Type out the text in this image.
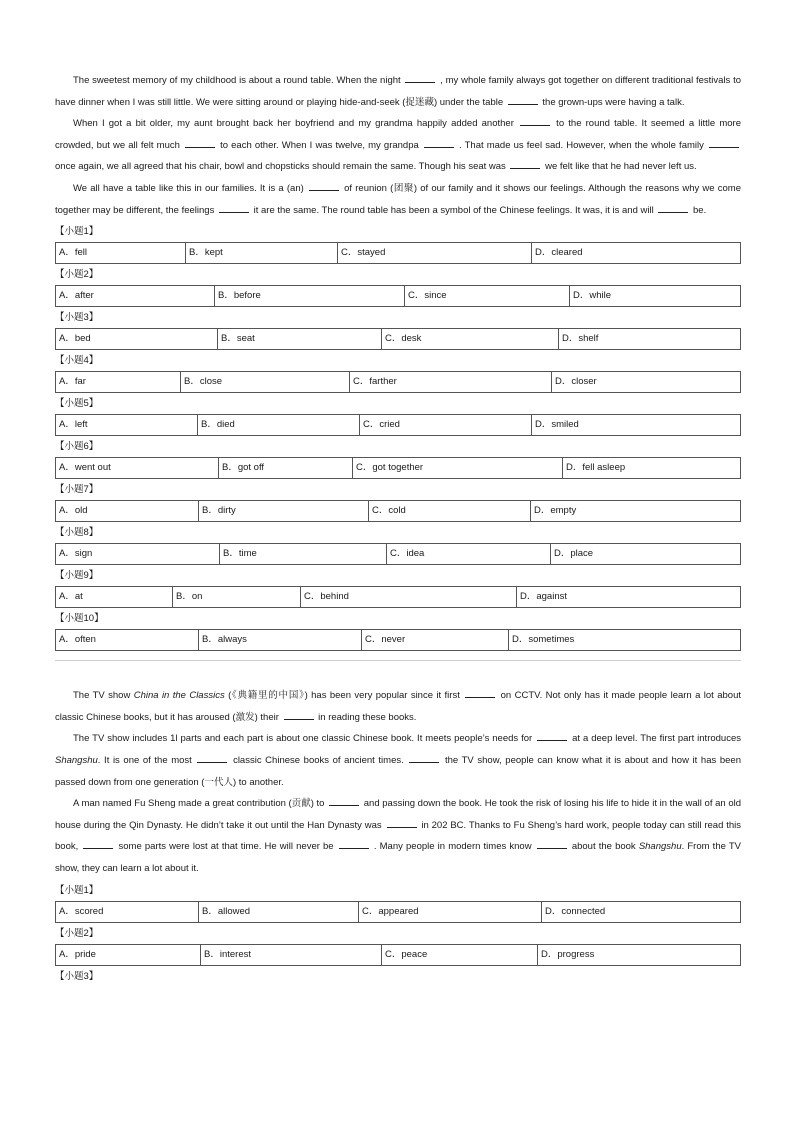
The sweetest memory of my childhood is about a round table. When the night	, my whole family always got together on different traditional festivals to have dinner when I was still little. We were sitting around or playing hide-and-seek (捉迷藏) under the table	the grown-ups were having a talk.

When I got a bit older, my aunt brought back her boyfriend and my grandma happily added another	to the round table. It seemed a little more crowded, but we all felt much	to each other. When I was twelve, my grandpa	. That made us feel sad. However, when the whole family  once again, we all agreed that his chair, bowl and chopsticks should remain the same. Though his seat was	we felt like that he had never left us.

We all have a table like this in our families. It is a (an)	of reunion (团聚) of our family and it shows our feelings. Although the reasons why we come together may be different, the feelings	it are the same. The round table has been a symbol of the Chinese feelings. It was, it is and will	be.

【小题1】
A．fell	B．kept	C．stayed	D．cleared
【小题2】
A．after	B．before	C．since	D．while
【小题3】
A．bed	B．seat	C．desk	D．shelf
【小题4】
A．far	B．close	C．farther	D．closer
【小题5】
A．left	B．died	C．cried	D．smiled
【小题6】
A．went out	B．got off	C．got together	D．fell asleep
【小题7】
A．old	B．dirty	C．cold	D．empty
【小题8】
A．sign	B．time	C．idea	D．place
【小题9】
A．at	B．on	C．behind	D．against
【小题10】
A．often	B．always	C．never	D．sometimes

The TV show China in the Classics (《典籍里的中国》) has been very popular since it first	on CCTV. Not only has it made people learn a lot about classic Chinese books, but it has aroused (激发) their	in reading these books.

The TV show includes 1l parts and each part is about one classic Chinese book. It meets people’s needs for	at a deep level. The first part introduces Shangshu. It is one of the most	classic Chinese books of ancient times.	the TV show, people can know what it is about and how it has been passed down from one generation (一代人) to another.

A man named Fu Sheng made a great contribution (贡献) to	and passing down the book. He took the risk of losing his life to hide it in the wall of an old house during the Qin Dynasty. He didn’t take it out until the Han Dynasty was	in 202 BC. Thanks to Fu Sheng’s hard work, people today can still read this book,	some parts were lost at that time. He will never be	. Many people in modern times know	about the book Shangshu. From the TV show, they can learn a lot about it.

【小题1】
A．scored	B．allowed	C．appeared	D．connected
【小题2】
A．pride	B．interest	C．peace	D．progress
【小题3】
